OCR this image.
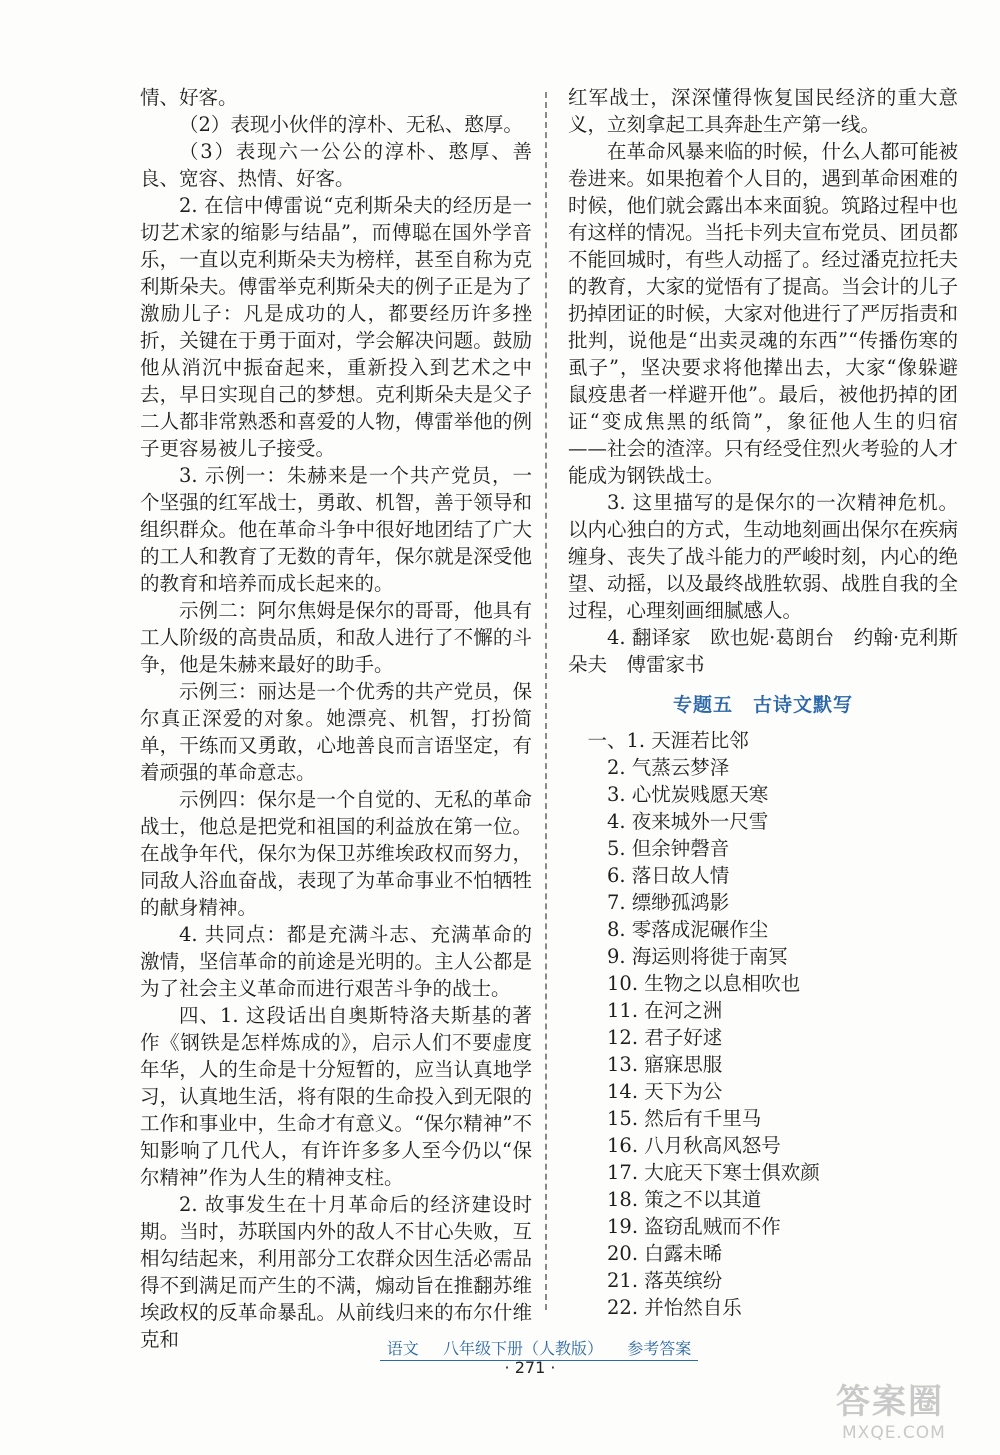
情、好客。

（2）表现小伙伴的淳朴、无私、憨厚。

（3）表现六一公公的淳朴、憨厚、善良、宽容、热情、好客。

2. 在信中傅雷说“克利斯朵夫的经历是一切艺术家的缩影与结晶”，而傅聪在国外学音乐，一直以克利斯朵夫为榜样，甚至自称为克利斯朵夫。傅雷举克利斯朵夫的例子正是为了激励儿子：凡是成功的人，都要经历许多挫折，关键在于勇于面对，学会解决问题。鼓励他从消沉中振奋起来，重新投入到艺术之中去，早日实现自己的梦想。克利斯朵夫是父子二人都非常熟悉和喜爱的人物，傅雷举他的例子更容易被儿子接受。

3. 示例一：朱赫来是一个共产党员，一个坚强的红军战士，勇敢、机智，善于领导和组织群众。他在革命斗争中很好地团结了广大的工人和教育了无数的青年，保尔就是深受他的教育和培养而成长起来的。

示例二：阿尔焦姆是保尔的哥哥，他具有工人阶级的高贵品质，和敌人进行了不懈的斗争，他是朱赫来最好的助手。

示例三：丽达是一个优秀的共产党员，保尔真正深爱的对象。她漂亮、机智，打扮简单，干练而又勇敢，心地善良而言语坚定，有着顽强的革命意志。

示例四：保尔是一个自觉的、无私的革命战士，他总是把党和祖国的利益放在第一位。在战争年代，保尔为保卫苏维埃政权而努力，同敌人浴血奋战，表现了为革命事业不怕牺牲的献身精神。

4. 共同点：都是充满斗志、充满革命的激情，坚信革命的前途是光明的。主人公都是为了社会主义革命而进行艰苦斗争的战士。

四、1. 这段话出自奥斯特洛夫斯基的著作《钢铁是怎样炼成的》，启示人们不要虚度年华，人的生命是十分短暂的，应当认真地学习，认真地生活，将有限的生命投入到无限的工作和事业中，生命才有意义。“保尔精神”不知影响了几代人，有许许多多人至今仍以“保尔精神”作为人生的精神支柱。

2. 故事发生在十月革命后的经济建设时期。当时，苏联国内外的敌人不甘心失败，互相勾结起来，利用部分工农群众因生活必需品得不到满足而产生的不满，煽动旨在推翻苏维埃政权的反革命暴乱。从前线归来的布尔什维克和

红军战士，深深懂得恢复国民经济的重大意义，立刻拿起工具奔赴生产第一线。

在革命风暴来临的时候，什么人都可能被卷进来。如果抱着个人目的，遇到革命困难的时候，他们就会露出本来面貌。筑路过程中也有这样的情况。当托卡列夫宣布党员、团员都不能回城时，有些人动摇了。经过潘克拉托夫的教育，大家的觉悟有了提高。当会计的儿子扔掉团证的时候，大家对他进行了严厉指责和批判，说他是“出卖灵魂的东西”“传播伤寒的虱子”，坚决要求将他撵出去，大家“像躲避鼠疫患者一样避开他”。最后，被他扔掉的团证“变成焦黑的纸筒”，象征他人生的归宿——社会的渣滓。只有经受住烈火考验的人才能成为钢铁战士。

3. 这里描写的是保尔的一次精神危机。以内心独白的方式，生动地刻画出保尔在疾病缠身、丧失了战斗能力的严峻时刻，内心的绝望、动摇，以及最终战胜软弱、战胜自我的全过程，心理刻画细腻感人。

4. 翻译家　欧也妮·葛朗台　约翰·克利斯朵夫　傅雷家书

专题五　古诗文默写
一、1. 天涯若比邻
2. 气蒸云梦泽
3. 心忧炭贱愿天寒
4. 夜来城外一尺雪
5. 但余钟磬音
6. 落日故人情
7. 缥缈孤鸿影
8. 零落成泥碾作尘
9. 海运则将徙于南冥
10. 生物之以息相吹也
11. 在河之洲
12. 君子好逑
13. 寤寐思服
14. 天下为公
15. 然后有千里马
16. 八月秋高风怒号
17. 大庇天下寒士俱欢颜
18. 策之不以其道
19. 盗窃乱贼而不作
20. 白露未晞
21. 落英缤纷
22. 并怡然自乐
语文 八年级下册（人教版） 参考答案
· 271 ·
答案圈
MXQE.COM
